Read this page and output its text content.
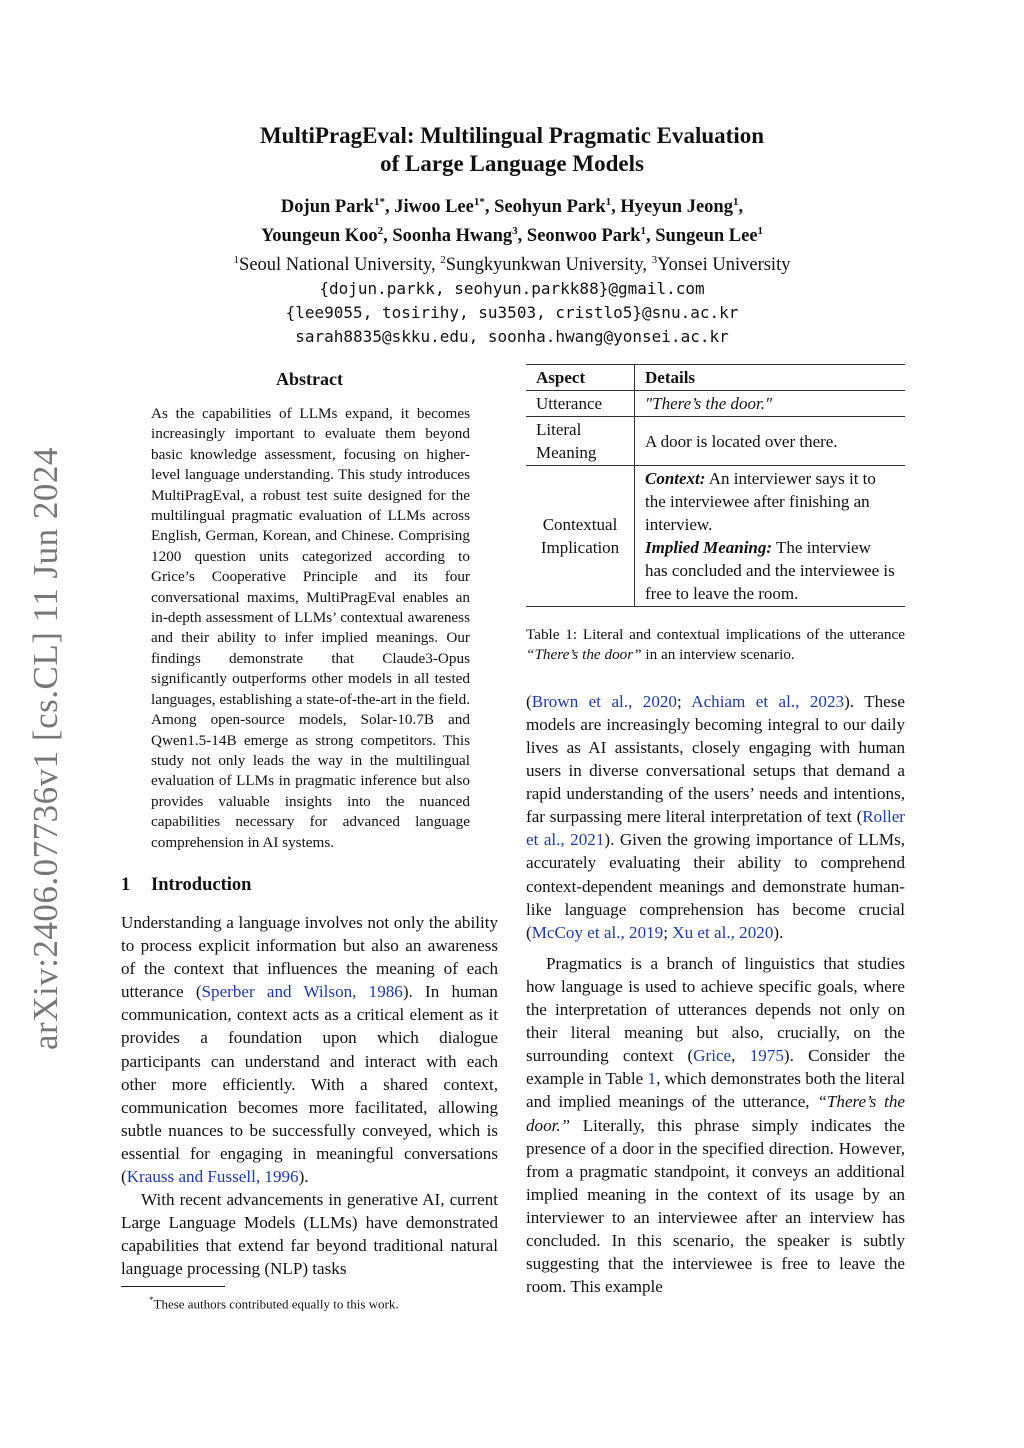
arXiv:2406.07736v1 [cs.CL] 11 Jun 2024
MultiPragEval: Multilingual Pragmatic Evaluation
of Large Language Models
Dojun Park$^{1*}$, Jiwoo Lee$^{1*}$, Seohyun Park$^1$, Hyeyun Jeong$^1$,
Youngeun Koo$^2$, Soonha Hwang$^3$, Seonwoo Park$^1$, Sungeun Lee$^1$
$^1$Seoul National University, $^2$Sungkyunkwan University, $^3$Yonsei University
{dojun.parkk, seohyun.parkk88}@gmail.com
{lee9055, tosirihy, su3503, cristlo5}@snu.ac.kr
sarah8835@skku.edu, soonha.hwang@yonsei.ac.kr
Abstract

As the capabilities of LLMs expand, it becomes increasingly important to evaluate them beyond basic knowledge assessment, focusing on higher-level language understanding. This study introduces MultiPragEval, a robust test suite designed for the multilingual pragmatic evaluation of LLMs across English, German, Korean, and Chinese. Comprising 1200 question units categorized according to Grice’s Cooperative Principle and its four conversational maxims, MultiPragEval enables an in-depth assessment of LLMs’ contextual awareness and their ability to infer implied meanings. Our findings demonstrate that Claude3-Opus significantly outperforms other models in all tested languages, establishing a state-of-the-art in the field. Among open-source models, Solar-10.7B and Qwen1.5-14B emerge as strong competitors. This study not only leads the way in the multilingual evaluation of LLMs in pragmatic inference but also provides valuable insights into the nuanced capabilities necessary for advanced language comprehension in AI systems.

1 Introduction

Understanding a language involves not only the ability to process explicit information but also an awareness of the context that influences the meaning of each utterance (Sperber and Wilson, 1986). In human communication, context acts as a critical element as it provides a foundation upon which dialogue participants can understand and interact with each other more efficiently. With a shared context, communication becomes more facilitated, allowing subtle nuances to be successfully conveyed, which is essential for engaging in meaningful conversations (Krauss and Fussell, 1996).

With recent advancements in generative AI, current Large Language Models (LLMs) have demonstrated capabilities that extend far beyond traditional natural language processing (NLP) tasks

*These authors contributed equally to this work.
Aspect	Details
Utterance	"There’s the door."
Literal Meaning	A door is located over there.
Contextual Implication	Context: An interviewer says it to the interviewee after finishing an interview.
Implied Meaning: The interview has concluded and the interviewee is free to leave the room.
Table 1: Literal and contextual implications of the utterance “There’s the door” in an interview scenario.

(Brown et al., 2020; Achiam et al., 2023). These models are increasingly becoming integral to our daily lives as AI assistants, closely engaging with human users in diverse conversational setups that demand a rapid understanding of the users’ needs and intentions, far surpassing mere literal interpretation of text (Roller et al., 2021). Given the growing importance of LLMs, accurately evaluating their ability to comprehend context-dependent meanings and demonstrate human-like language comprehension has become crucial (McCoy et al., 2019; Xu et al., 2020).

Pragmatics is a branch of linguistics that studies how language is used to achieve specific goals, where the interpretation of utterances depends not only on their literal meaning but also, crucially, on the surrounding context (Grice, 1975). Consider the example in Table 1, which demonstrates both the literal and implied meanings of the utterance, “There’s the door.” Literally, this phrase simply indicates the presence of a door in the specified direction. However, from a pragmatic standpoint, it conveys an additional implied meaning in the context of its usage by an interviewer to an interviewee after an interview has concluded. In this scenario, the speaker is subtly suggesting that the interviewee is free to leave the room. This example
